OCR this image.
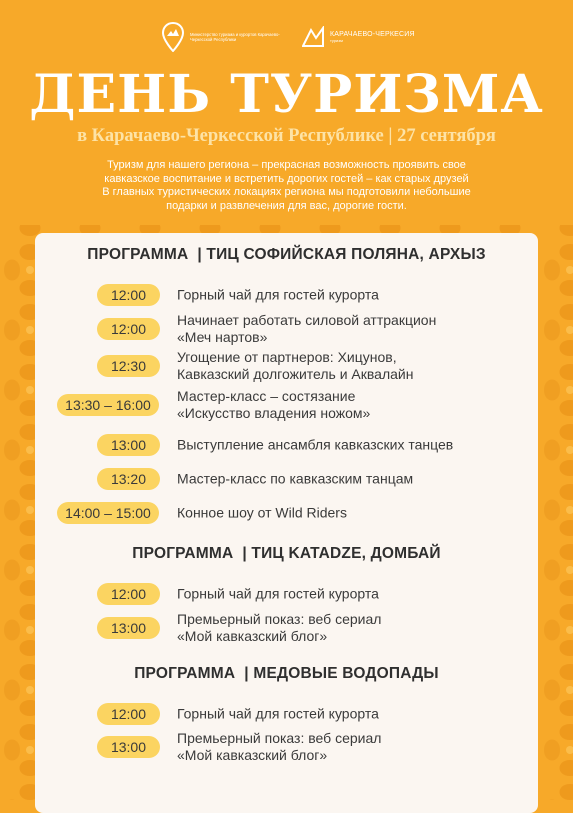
Министерство туризма и курортов Карачаево-Черкесской Республики
КАРАЧАЕВО-ЧЕРКЕСИЯ
туризм
ДЕНЬ ТУРИЗМА
в Карачаево-Черкесской Республике | 27 сентября
Туризм для нашего региона – прекрасная возможность проявить свое
кавказское воспитание и встретить дорогих гостей – как старых друзей
В главных туристических локациях региона мы подготовили небольшие
подарки и развлечения для вас, дорогие гости.
ПРОГРАММА  | ТИЦ СОФИЙСКАЯ ПОЛЯНА, АРХЫЗ
12:00	Горный чай для гостей курорта
12:00
Начинает работать силовой аттракцион
«Меч нартов»
12:30
Угощение от партнеров: Хицунов,
Кавказский долгожитель и Аквалайн
13:30 – 16:00
Мастер-класс – состязание
«Искусство владения ножом»
13:00	Выступление ансамбля кавказских танцев
13:20	Мастер-класс по кавказским танцам
14:00 – 15:00	Конное шоу от Wild Riders
ПРОГРАММА  | ТИЦ KATADZE, ДОМБАЙ
12:00	Горный чай для гостей курорта
13:00
Премьерный показ: веб сериал
«Мой кавказский блог»
ПРОГРАММА  | МЕДОВЫЕ ВОДОПАДЫ
12:00	Горный чай для гостей курорта
13:00
Премьерный показ: веб сериал
«Мой кавказский блог»
